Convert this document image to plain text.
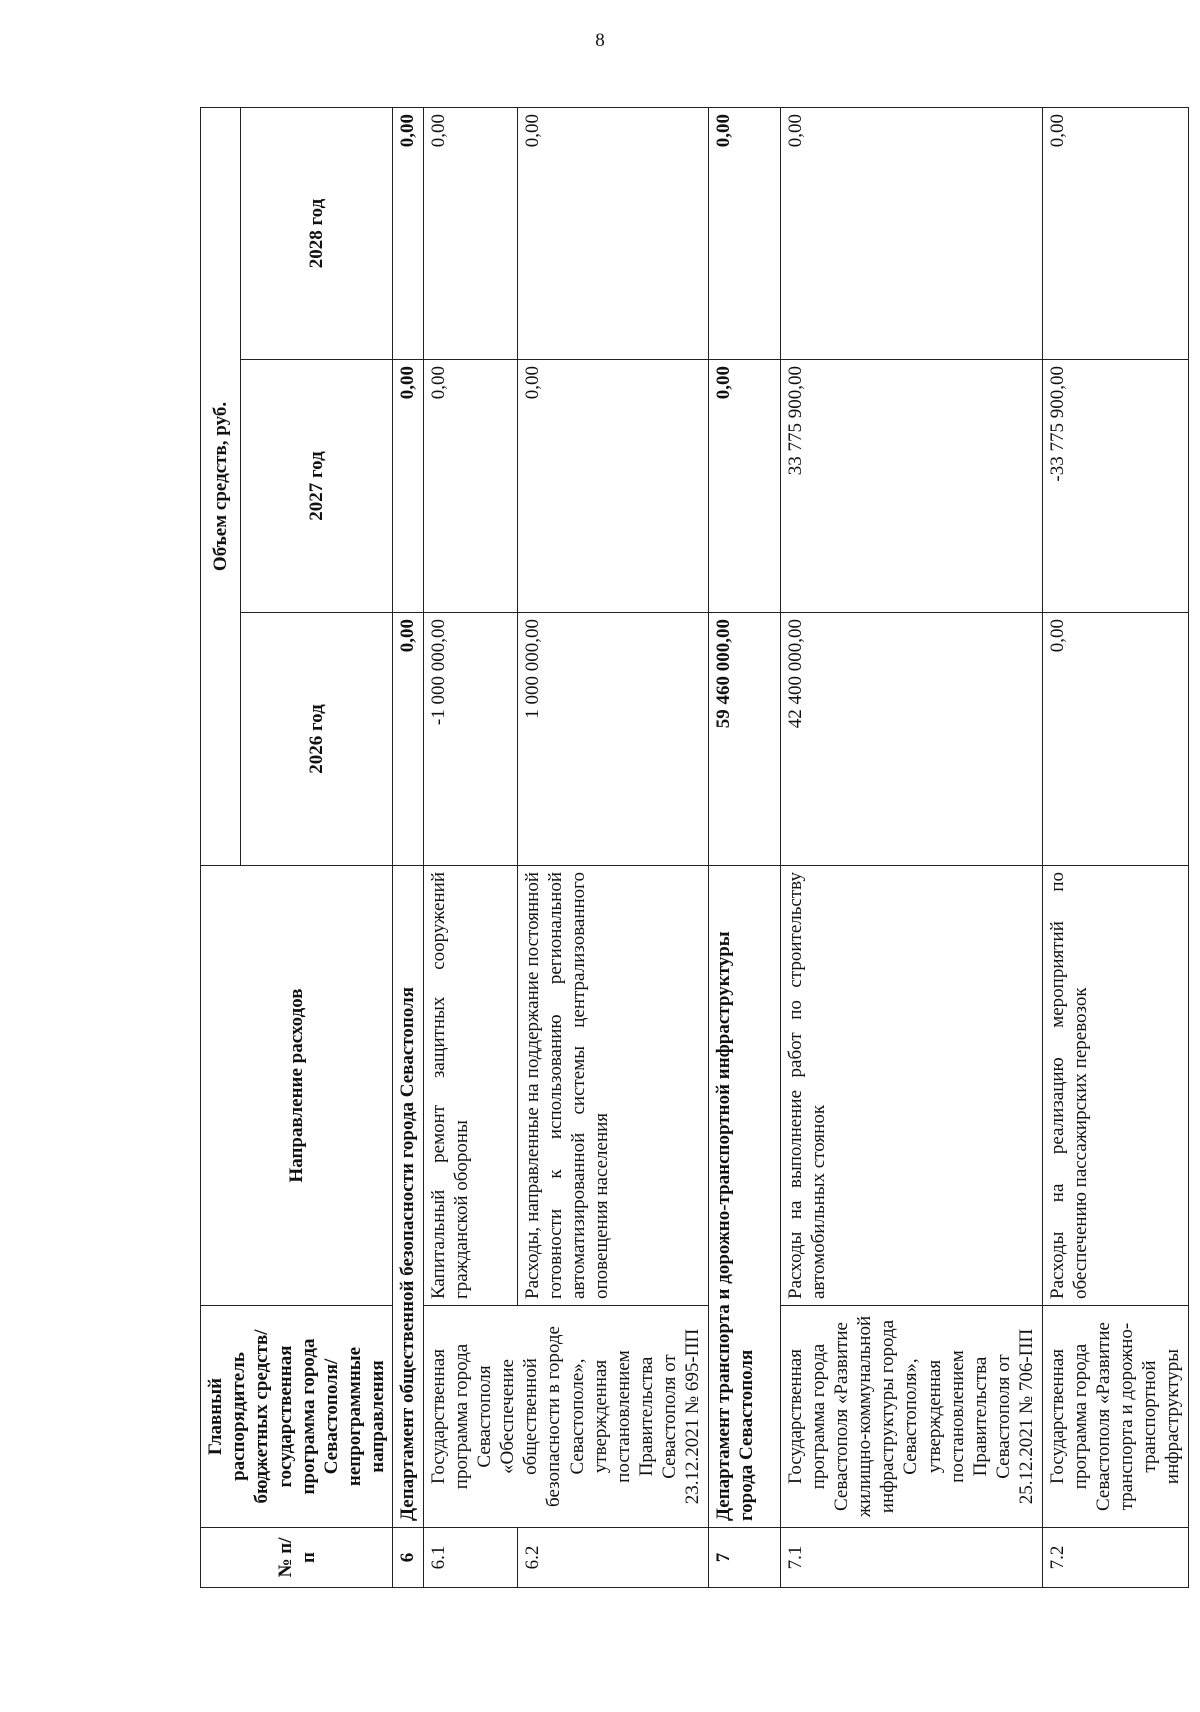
8
№ п/п	Главный распорядитель бюджетных средств/государственная программа города Севастополя/непрограммные направления	Направление расходов	Объем средств, руб.		
			2026 год	2027 год	2028 год
6	Департамент общественной безопасности города Севастополя		0,00	0,00	0,00
6.1	Государственная программа города Севастополя «Обеспечение общественной безопасности в городе Севастополе», утвержденная постановлением Правительства Севастополя от 23.12.2021 № 695-ПП	Капитальный ремонт защитных сооружений гражданской обороны	-1 000 000,00	0,00	0,00
6.2		Расходы, направленные на поддержание постоянной готовности к использованию региональной автоматизированной системы централизованного оповещения населения	1 000 000,00	0,00	0,00
7	Департамент транспорта и дорожно-транспортной инфраструктуры города Севастополя		59 460 000,00	0,00	0,00
7.1	Государственная программа города Севастополя «Развитие жилищно-коммунальной инфраструктуры города Севастополя», утвержденная постановлением Правительства Севастополя от 25.12.2021 № 706-ПП	Расходы на выполнение работ по строительству автомобильных стоянок	42 400 000,00	33 775 900,00	0,00
7.2	Государственная программа города Севастополя «Развитие транспорта и дорожно-транспортной инфраструктуры	Расходы на реализацию мероприятий по обеспечению пассажирских перевозок	0,00	-33 775 900,00	0,00
